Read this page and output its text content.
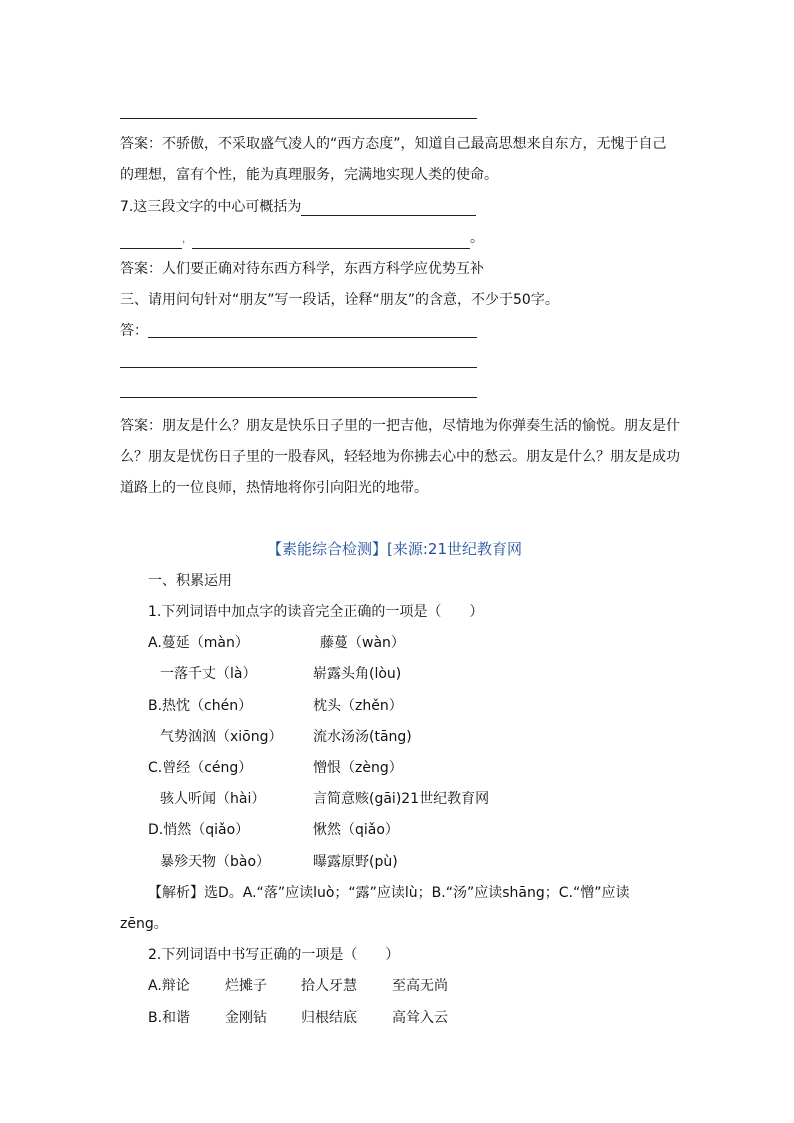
答案：不骄傲，不采取盛气凌人的“西方态度”，知道自己最高思想来自东方，无愧于自己
的理想，富有个性，能为真理服务，完满地实现人类的使命。
7.这三段文字的中心可概括为
，	。
答案：人们要正确对待东西方科学，东西方科学应优势互补
三、请用问句针对“朋友”写一段话，诠释“朋友”的含意，不少于50字。
答：
答案：朋友是什么？朋友是快乐日子里的一把吉他，尽情地为你弹奏生活的愉悦。朋友是什
么？朋友是忧伤日子里的一股春风，轻轻地为你拂去心中的愁云。朋友是什么？朋友是成功
道路上的一位良师，热情地将你引向阳光的地带。
【素能综合检测】[来源:21世纪教育网
一、积累运用
1.下列词语中加点字的读音完全正确的一项是（　　）
A.蔓延（màn）	藤蔓（wàn）
一落千丈（là）	崭露头角(lòu)
B.热忱（chén）	枕头（zhěn）
气势汹汹（xiōng） 流水汤汤(tāng)
C.曾经（céng）	憎恨（zèng）
骇人听闻（hài）	言简意赅(gāi)21世纪教育网
D.悄然（qiǎo）	愀然（qiǎo）
暴殄天物（bào）	曝露原野(pù)
【解析】选D。A.“落”应读luò；“露”应读lù；B.“汤”应读shāng；C.“憎”应读
zēng。
2.下列词语中书写正确的一项是（　　）
A.辩论	烂摊子 拾人牙慧	至高无尚
B.和谐 金刚钻 归根结底	高耸入云
